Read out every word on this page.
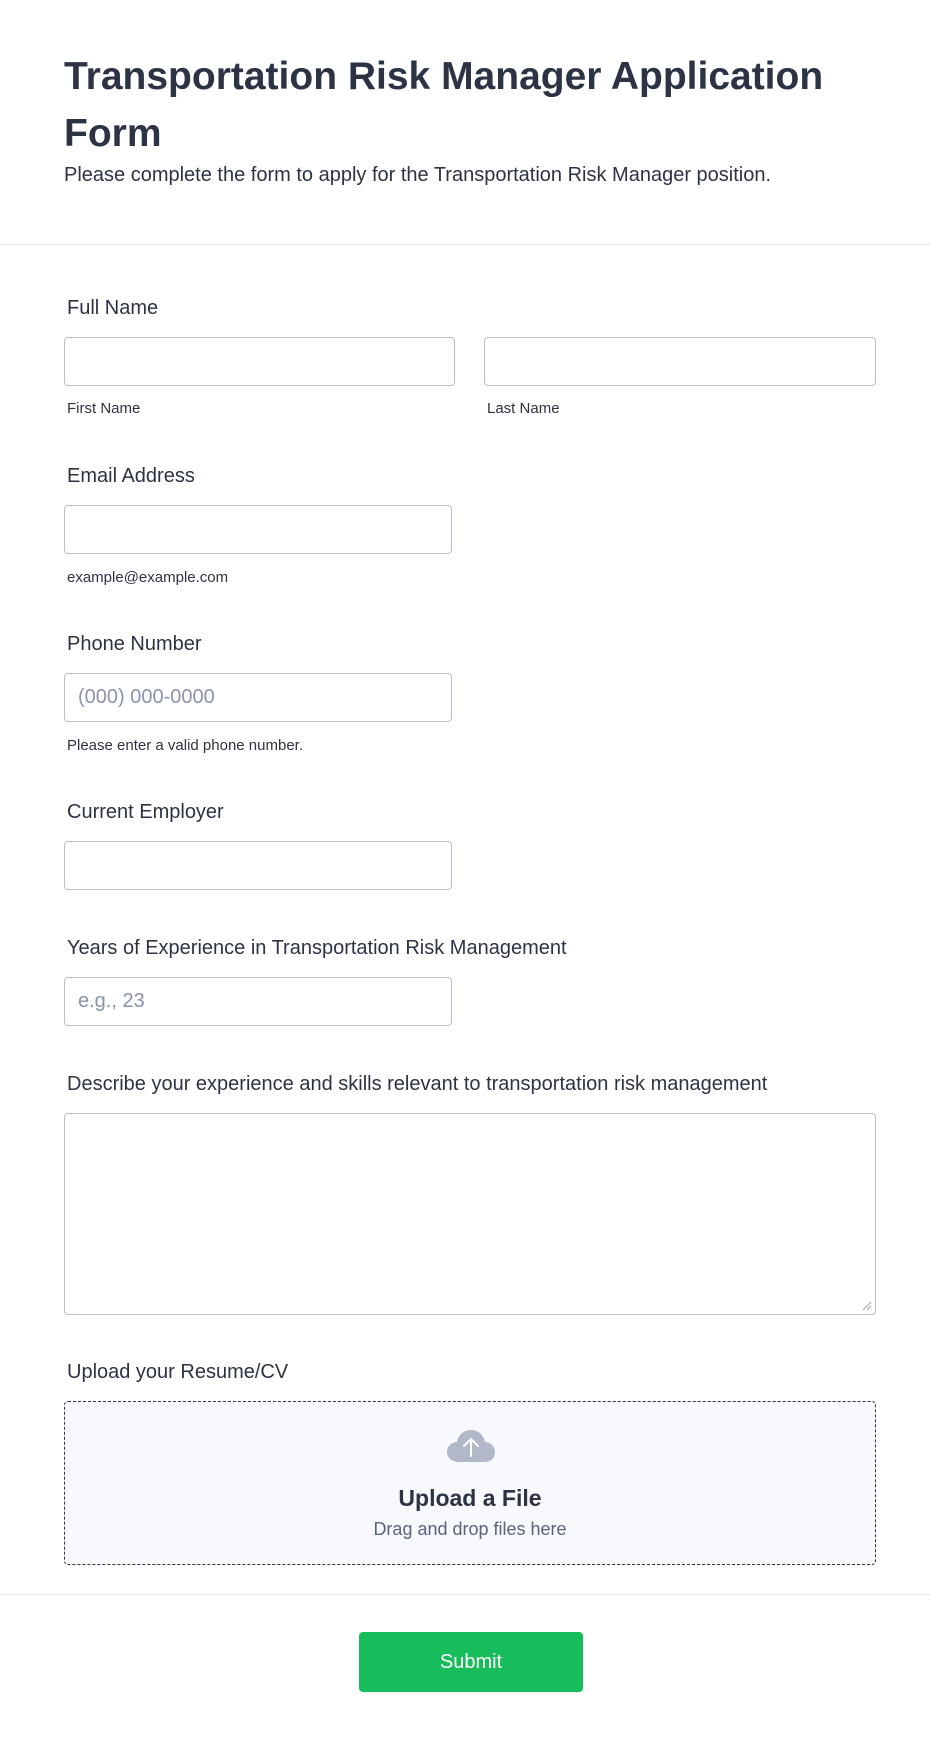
Transportation Risk Manager Application Form

Please complete the form to apply for the Transportation Risk Manager position.

Full Name
First Name	Last Name
Email Address
example@example.com
Phone Number
(000) 000-0000
Please enter a valid phone number.
Current Employer
Years of Experience in Transportation Risk Management
e.g., 23
Describe your experience and skills relevant to transportation risk management
Upload your Resume/CV
Upload a File
Drag and drop files here
Submit
